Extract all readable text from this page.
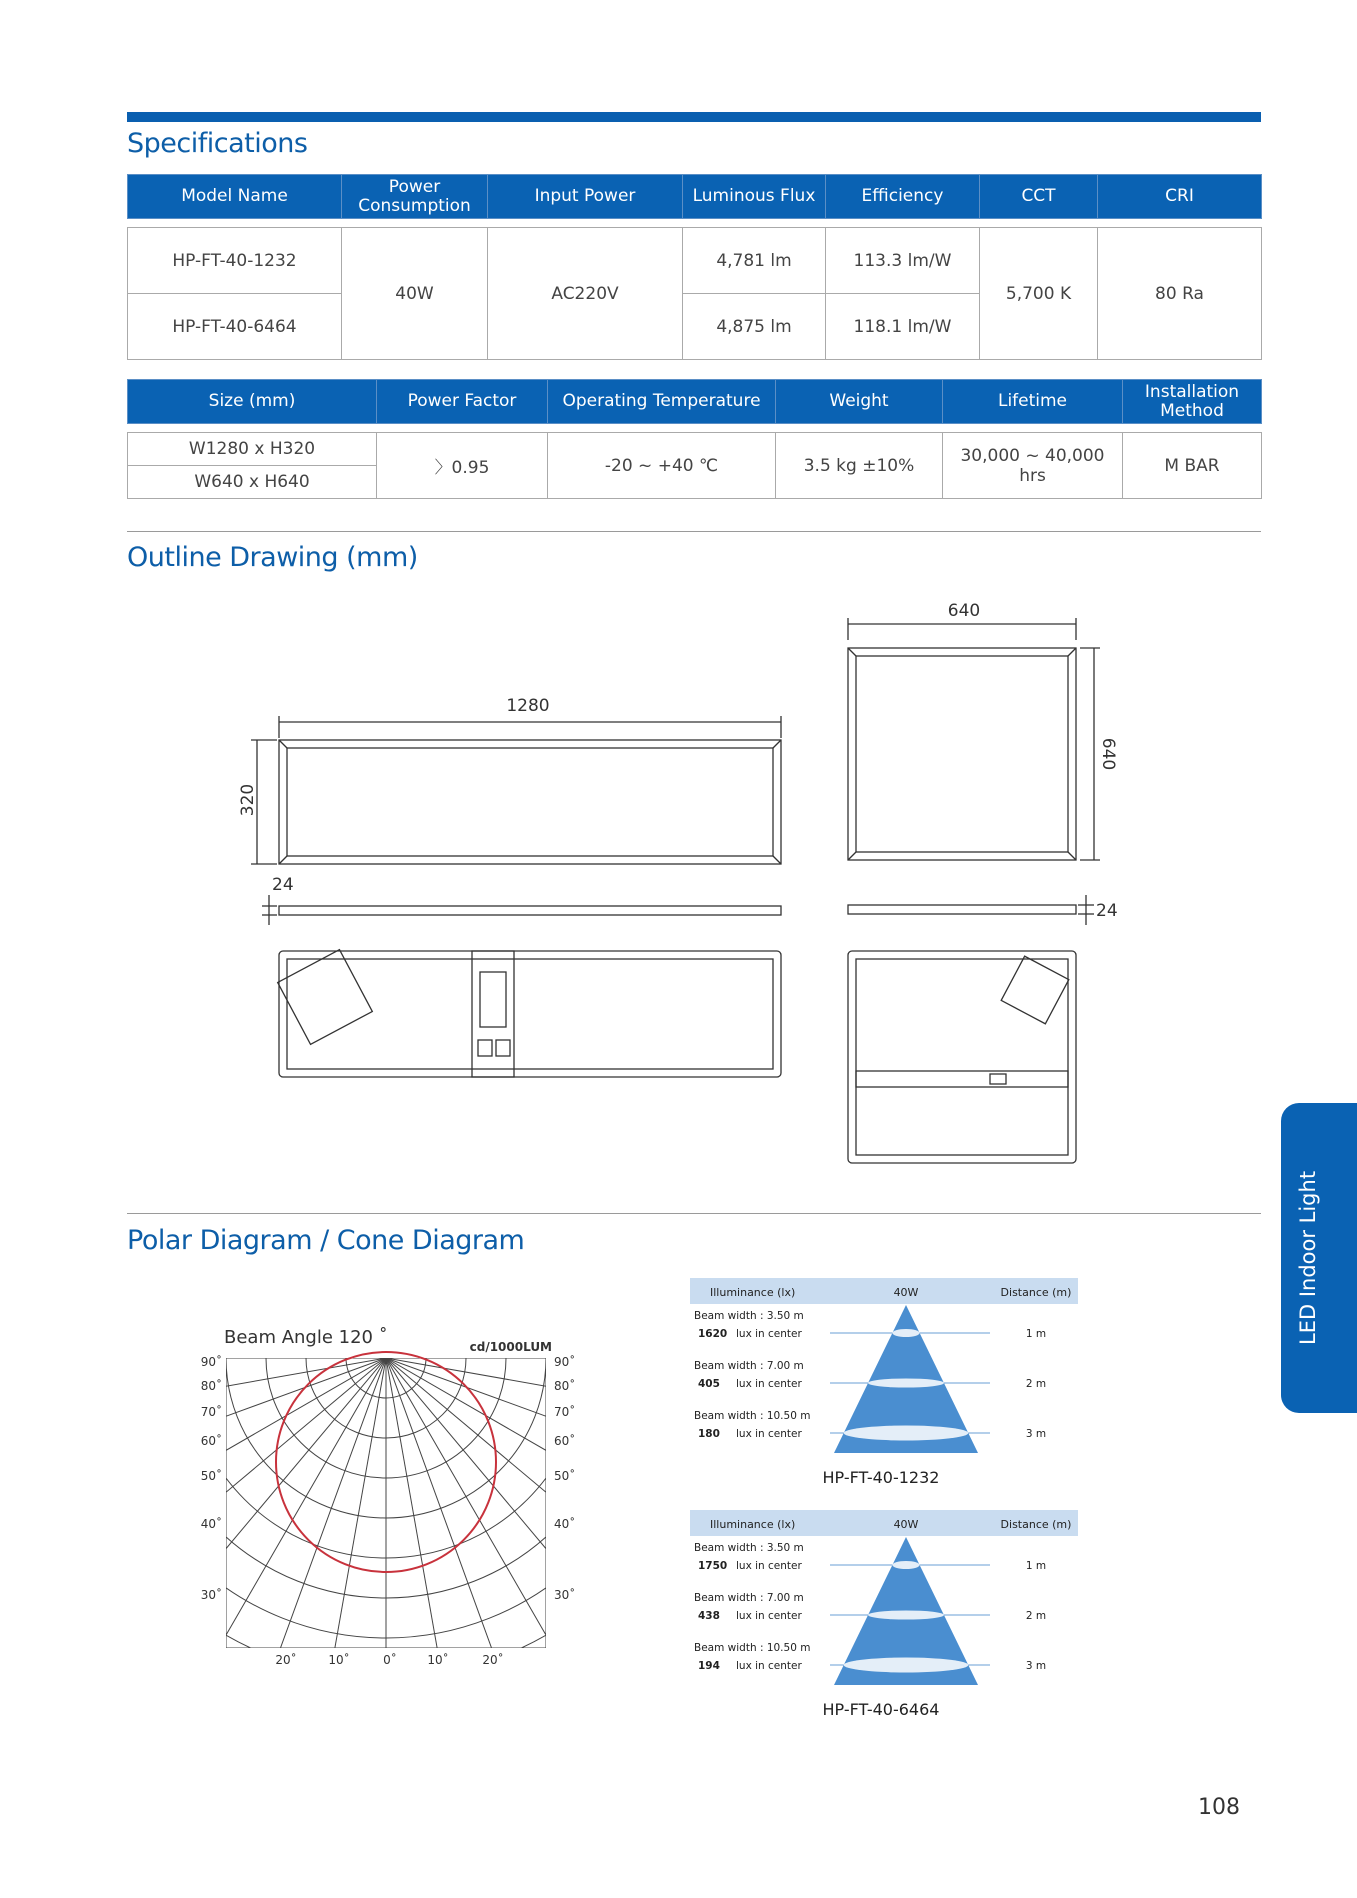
Specifications
Model Name	Power Consumption	Input Power	Luminous Flux	Efficiency	CCT	CRI

HP-FT-40-1232	40W	AC220V	4,781 lm	113.3 lm/W	5,700 K	80 Ra
HP-FT-40-6464			4,875 lm	118.1 lm/W		
Size (mm)	Power Factor	Operating Temperature	Weight	Lifetime	Installation Method

W1280 x H320	〉0.95	-20 ~ +40 ℃	3.5 kg ±10%	30,000 ~ 40,000 hrs	M BAR
W640 x H640					
Outline Drawing (mm)
1280
320
24
640
640
24
Polar Diagram / Cone Diagram
Beam Angle 120 ˚	cd/1000LUM
90˚
80˚
70˚
60˚
50˚
40˚
30˚
90˚
80˚
70˚
60˚
50˚
40˚
30˚
20˚	10˚	0˚	10˚	20˚
Illuminance (lx)	40W	Distance (m)
Beam width : 3.50 m
1620 lux in center	1 m
Beam width : 7.00 m
405 lux in center	2 m
Beam width : 10.50 m
180 lux in center	3 m
HP-FT-40-1232
Illuminance (lx)	40W	Distance (m)
Beam width : 3.50 m
1750 lux in center	1 m
Beam width : 7.00 m
438 lux in center	2 m
Beam width : 10.50 m
194 lux in center	3 m
HP-FT-40-6464
LED Indoor Light
108
